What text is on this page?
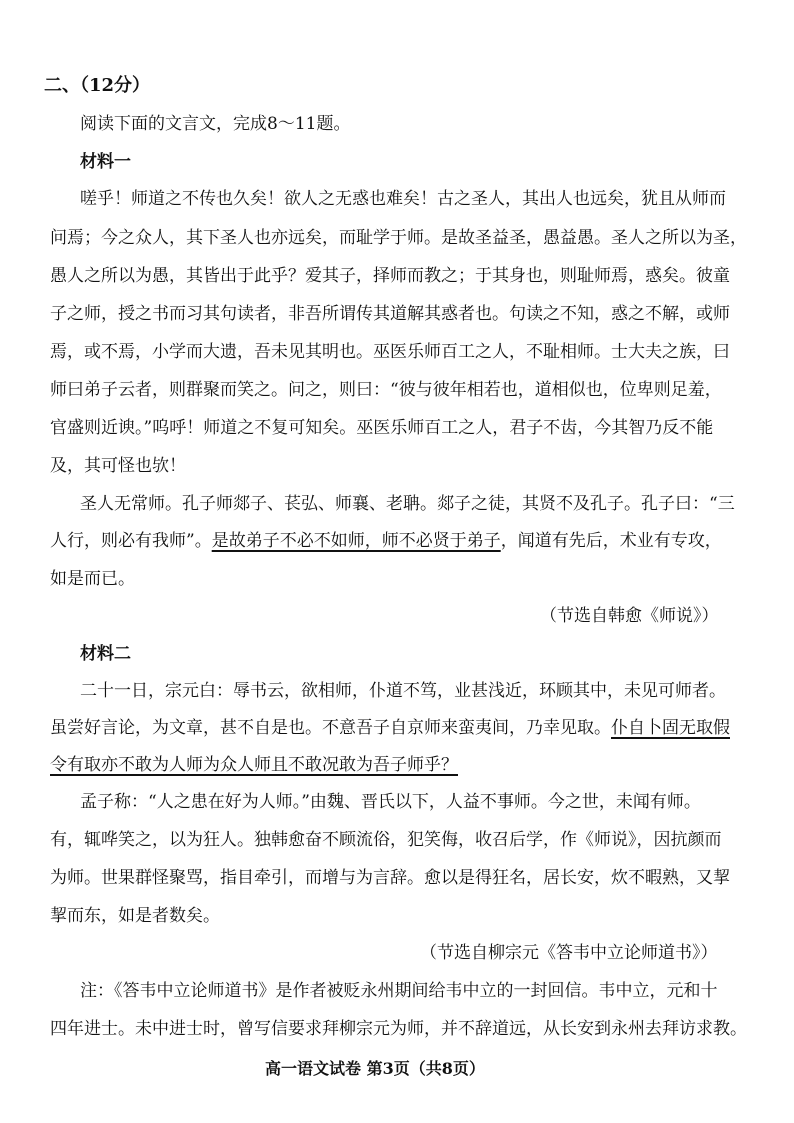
二、（12分）

阅读下面的文言文，完成8～11题。

材料一

嗟乎！师道之不传也久矣！欲人之无惑也难矣！古之圣人，其出人也远矣，犹且从师而

问焉；今之众人，其下圣人也亦远矣，而耻学于师。是故圣益圣，愚益愚。圣人之所以为圣，

愚人之所以为愚，其皆出于此乎？爱其子，择师而教之；于其身也，则耻师焉，惑矣。彼童

子之师，授之书而习其句读者，非吾所谓传其道解其惑者也。句读之不知，惑之不解，或师

焉，或不焉，小学而大遗，吾未见其明也。巫医乐师百工之人，不耻相师。士大夫之族，曰

师曰弟子云者，则群聚而笑之。问之，则曰：“彼与彼年相若也，道相似也，位卑则足羞，

官盛则近谀。”呜呼！师道之不复可知矣。巫医乐师百工之人，君子不齿，今其智乃反不能

及，其可怪也欤！

圣人无常师。孔子师郯子、苌弘、师襄、老聃。郯子之徒，其贤不及孔子。孔子曰：“三

人行，则必有我师”。是故弟子不必不如师，师不必贤于弟子，闻道有先后，术业有专攻，

如是而已。

（节选自韩愈《师说》）

材料二

二十一日，宗元白：辱书云，欲相师，仆道不笃，业甚浅近，环顾其中，未见可师者。

虽尝好言论，为文章，甚不自是也。不意吾子自京师来蛮夷间，乃幸见取。仆自卜固无取假

令有取亦不敢为人师为众人师且不敢况敢为吾子师乎？

孟子称：“人之患在好为人师。”由魏、晋氏以下，人益不事师。今之世，未闻有师。

有，辄哗笑之，以为狂人。独韩愈奋不顾流俗，犯笑侮，收召后学，作《师说》，因抗颜而

为师。世果群怪聚骂，指目牵引，而增与为言辞。愈以是得狂名，居长安，炊不暇熟，又挈

挈而东，如是者数矣。

（节选自柳宗元《答韦中立论师道书》）

注：《答韦中立论师道书》是作者被贬永州期间给韦中立的一封回信。韦中立，元和十

四年进士。未中进士时，曾写信要求拜柳宗元为师，并不辞道远，从长安到永州去拜访求教。

高一语文试卷 第3页（共8页）
